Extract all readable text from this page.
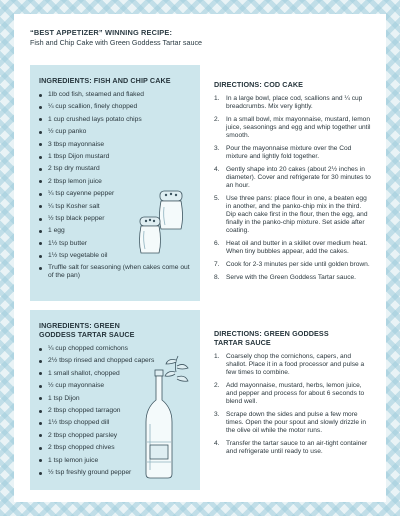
“BEST APPETIZER” WINNING RECIPE:
Fish and Chip Cake with Green Goddess Tartar sauce
INGREDIENTS: FISH AND CHIP CAKE
1lb cod fish, steamed and flaked
¼ cup scallion, finely chopped
1 cup crushed lays potato chips
½ cup panko
3 tbsp mayonnaise
1 tbsp Dijon mustard
2 tsp dry mustard
2 tbsp lemon juice
¼ tsp cayenne pepper
¼ tsp Kosher salt
½ tsp black pepper
1 egg
1½ tsp butter
1½ tsp vegetable oil
Truffle salt for seasoning (when cakes come out of the pan)
INGREDIENTS: GREEN GODDESS TARTAR SAUCE
¼ cup chopped cornichons
2½ tbsp rinsed and chopped capers
1 small shallot, chopped
½ cup mayonnaise
1 tsp Dijon
2 tbsp chopped tarragon
1½ tbsp chopped dill
2 tbsp chopped parsley
2 tbsp chopped chives
1 tsp lemon juice
½ tsp freshly ground pepper
DIRECTIONS: COD CAKE
1. In a large bowl, place cod, scallions and ¼ cup breadcrumbs. Mix very lightly.
2. In a small bowl, mix mayonnaise, mustard, lemon juice, seasonings and egg and whip together until smooth.
3. Pour the mayonnaise mixture over the Cod mixture and lightly fold together.
4. Gently shape into 20 cakes (about 2½ inches in diameter). Cover and refrigerate for 30 minutes to an hour.
5. Use three pans: place flour in one, a beaten egg in another, and the panko-chip mix in the third. Dip each cake first in the flour, then the egg, and finally in the panko-chip mixture. Set aside after coating.
6. Heat oil and butter in a skillet over medium heat. When tiny bubbles appear, add the cakes.
7. Cook for 2-3 minutes per side until golden brown.
8. Serve with the Green Goddess Tartar sauce.
DIRECTIONS: GREEN GODDESS TARTAR SAUCE
1. Coarsely chop the cornichons, capers, and shallot. Place it in a food processor and pulse a few times to combine.
2. Add mayonnaise, mustard, herbs, lemon juice, and pepper and process for about 6 seconds to blend well.
3. Scrape down the sides and pulse a few more times. Open the pour spout and slowly drizzle in the olive oil while the motor runs.
4. Transfer the tartar sauce to an air-tight container and refrigerate until ready to use.
